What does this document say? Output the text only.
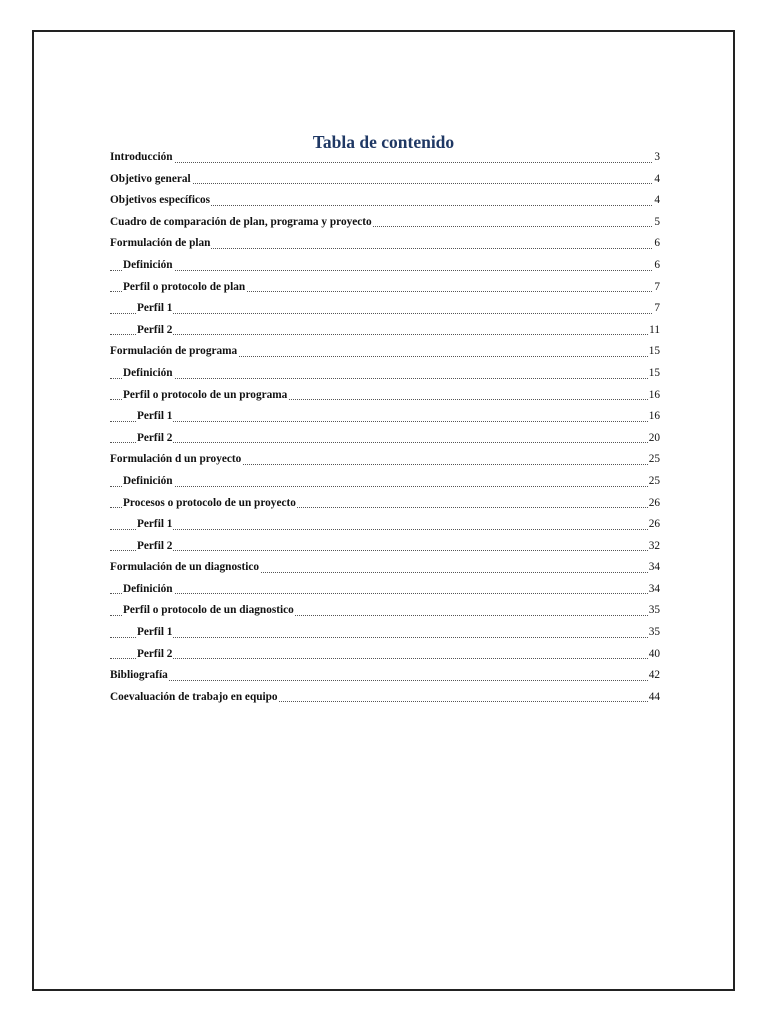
Tabla de contenido
Introducción	3
Objetivo general	4
Objetivos específicos	4
Cuadro de comparación de plan, programa y proyecto	5
Formulación de plan	6
Definición	6
Perfil o protocolo de plan	7
Perfil 1	7
Perfil 2	11
Formulación de programa	15
Definición	15
Perfil o protocolo de un programa	16
Perfil 1	16
Perfil 2	20
Formulación d un proyecto	25
Definición	25
Procesos o protocolo de un proyecto	26
Perfil 1	26
Perfil 2	32
Formulación de un diagnostico	34
Definición	34
Perfil o protocolo de un diagnostico	35
Perfil 1	35
Perfil 2	40
Bibliografía	42
Coevaluación de trabajo en equipo	44
